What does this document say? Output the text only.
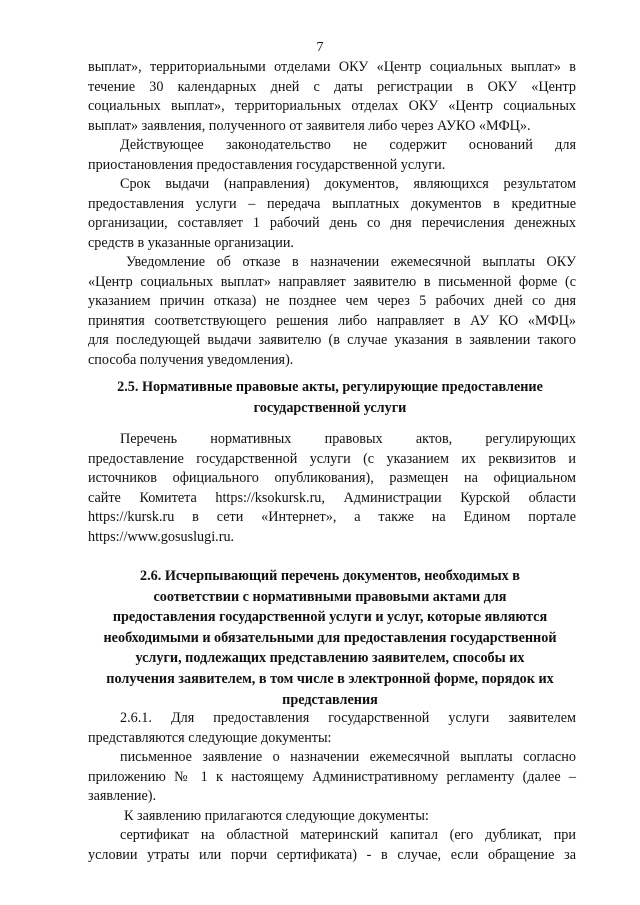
7
выплат», территориальными отделами ОКУ «Центр социальных выплат» в
течение 30 календарных дней с даты регистрации в ОКУ «Центр
социальных выплат», территориальных отделах ОКУ «Центр социальных
выплат» заявления, полученного от заявителя либо через АУКО «МФЦ».
Действующее законодательство не содержит оснований для
приостановления предоставления государственной услуги.
Срок выдачи (направления) документов, являющихся результатом
предоставления услуги – передача выплатных документов в кредитные
организации, составляет 1 рабочий день со дня перечисления денежных
средств в указанные организации.
Уведомление об отказе в назначении ежемесячной выплаты ОКУ
«Центр социальных выплат» направляет заявителю в письменной форме (с
указанием причин отказа) не позднее чем через 5 рабочих дней со дня
принятия соответствующего решения либо направляет в АУ КО «МФЦ»
для последующей выдачи заявителю (в случае указания в заявлении такого
способа получения уведомления).
2.5. Нормативные правовые акты, регулирующие предоставление
государственной услуги
Перечень нормативных правовых актов, регулирующих
предоставление государственной услуги (с указанием их реквизитов и
источников официального опубликования), размещен на официальном
сайте Комитета https://ksokursk.ru, Администрации Курской области
https://kursk.ru в сети «Интернет», а также на Едином портале
https://www.gosuslugi.ru.
2.6. Исчерпывающий перечень документов, необходимых в
соответствии с нормативными правовыми актами для
предоставления государственной услуги и услуг, которые являются
необходимыми и обязательными для предоставления государственной
услуги, подлежащих представлению заявителем, способы их
получения заявителем, в том числе в электронной форме, порядок их
представления
2.6.1. Для предоставления государственной услуги заявителем
представляются следующие документы:
письменное заявление о назначении ежемесячной выплаты согласно
приложению № 1 к настоящему Административному регламенту (далее –
заявление).
К заявлению прилагаются следующие документы:
сертификат на областной материнский капитал (его дубликат, при
условии утраты или порчи сертификата) - в случае, если обращение за
